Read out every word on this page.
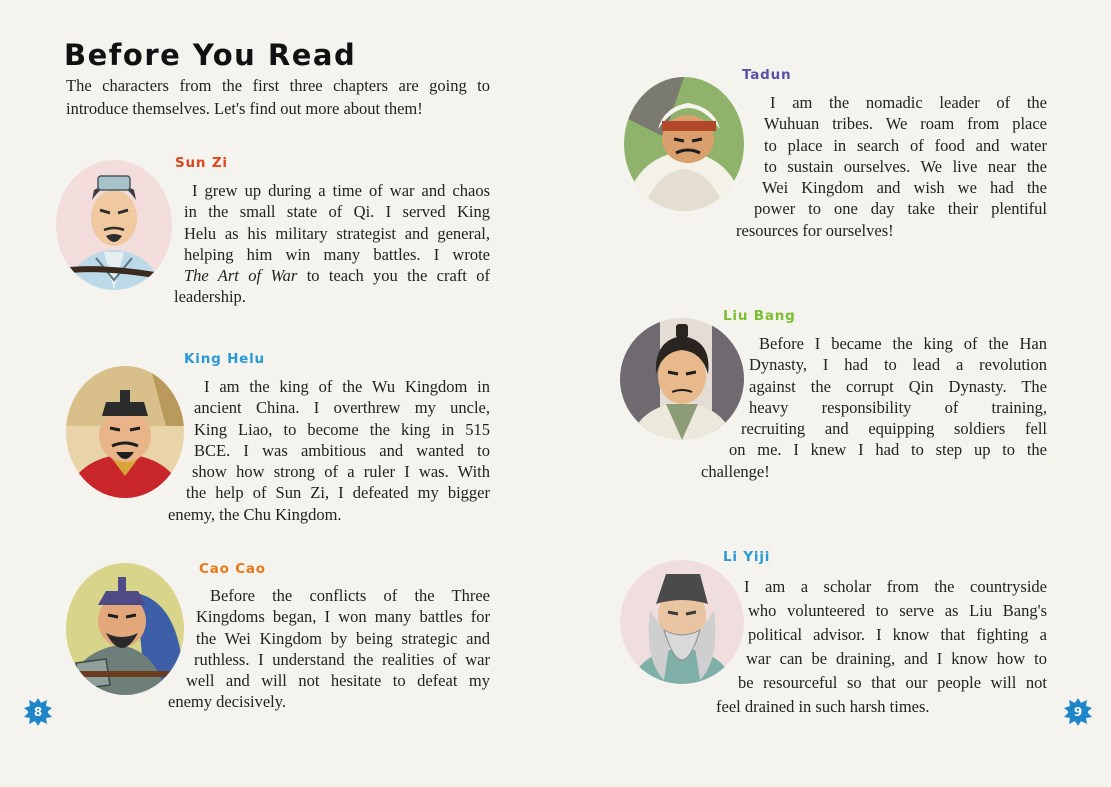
Before You Read

The characters from the first three chapters are going to
introduce themselves. Let's find out more about them!

Sun Zi

I grew up during a time of war and chaos
in the small state of Qi. I served King
Helu as his military strategist and general,
helping him win many battles. I wrote
The Art of War to teach you the craft of
leadership.

King Helu

I am the king of the Wu Kingdom in
ancient China. I overthrew my uncle,
King Liao, to become the king in 515
BCE. I was ambitious and wanted to
show how strong of a ruler I was. With
the help of Sun Zi, I defeated my bigger
enemy, the Chu Kingdom.

Cao Cao

Before the conflicts of the Three
Kingdoms began, I won many battles for
the Wei Kingdom by being strategic and
ruthless. I understand the realities of war
well and will not hesitate to defeat my
enemy decisively.

8
Tadun

I am the nomadic leader of the
Wuhuan tribes. We roam from place
to place in search of food and water
to sustain ourselves. We live near the
Wei Kingdom and wish we had the
power to one day take their plentiful
resources for ourselves!

Liu Bang

Before I became the king of the Han
Dynasty, I had to lead a revolution
against the corrupt Qin Dynasty. The
heavy responsibility of training,
recruiting and equipping soldiers fell
on me. I knew I had to step up to the
challenge!

Li Yiji

I am a scholar from the countryside
who volunteered to serve as Liu Bang's
political advisor. I know that fighting a
war can be draining, and I know how to
be resourceful so that our people will not
feel drained in such harsh times.	9
